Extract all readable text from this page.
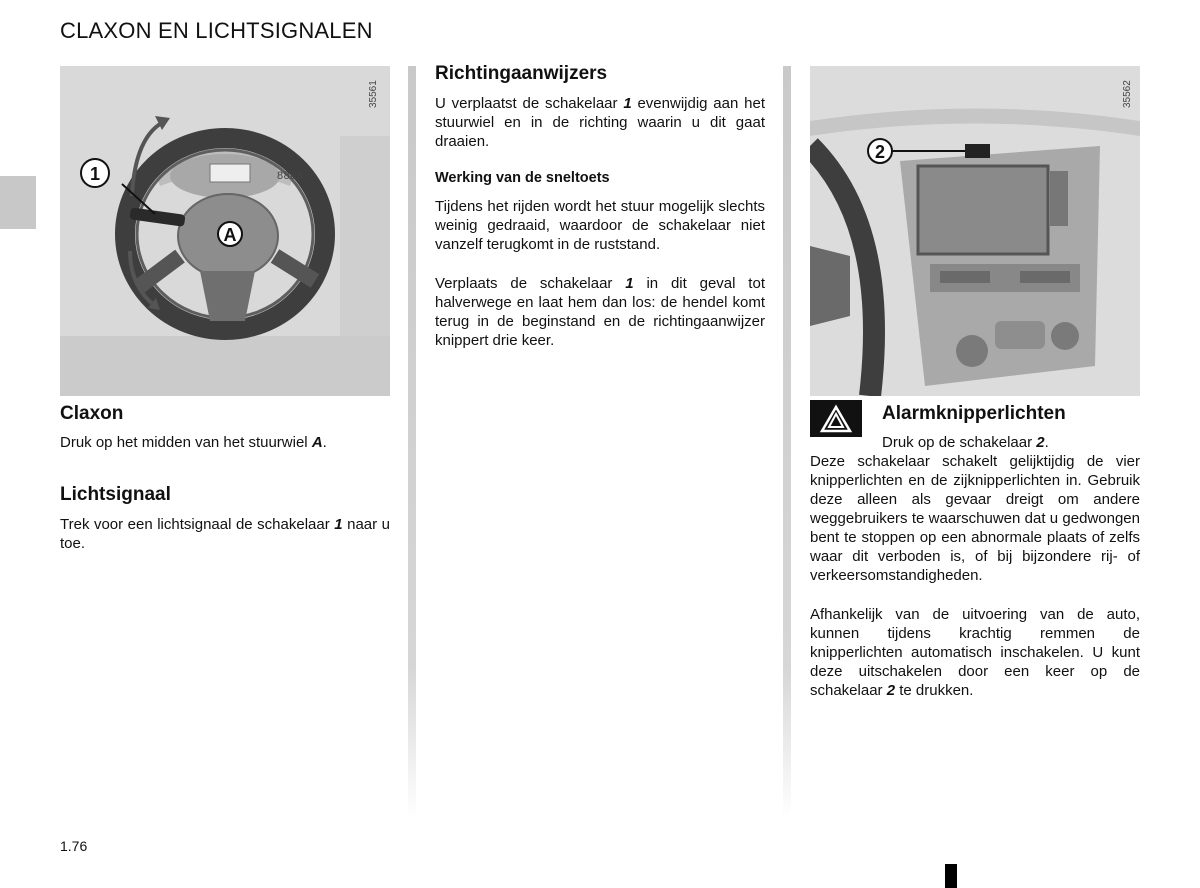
CLAXON EN LICHTSIGNALEN
1
A
8888
35561
2
35562
Claxon
Druk op het midden van het stuurwiel A.
Lichtsignaal
Trek voor een lichtsignaal de schakelaar 1 naar u toe.
Richtingaanwijzers
U verplaatst de schakelaar 1 evenwijdig aan het stuurwiel en in de richting waarin u dit gaat draaien.
Werking van de sneltoets
Tijdens het rijden wordt het stuur mogelijk slechts weinig gedraaid, waardoor de schakelaar niet vanzelf terugkomt in de ruststand.
Verplaats de schakelaar 1 in dit geval tot halverwege en laat hem dan los: de hendel komt terug in de beginstand en de richtingaanwijzer knippert drie keer.
Alarmknipperlichten
Druk op de schakelaar 2.
Deze schakelaar schakelt gelijktijdig de vier knipperlichten en de zijknipperlichten in. Gebruik deze alleen als gevaar dreigt om andere weggebruikers te waarschuwen dat u gedwongen bent te stoppen op een abnormale plaats of zelfs waar dit verboden is, of bij bijzondere rij- of verkeersomstandigheden.
Afhankelijk van de uitvoering van de auto, kunnen tijdens krachtig remmen de knipperlichten automatisch inschakelen. U kunt deze uitschakelen door een keer op de schakelaar 2 te drukken.
1.76
